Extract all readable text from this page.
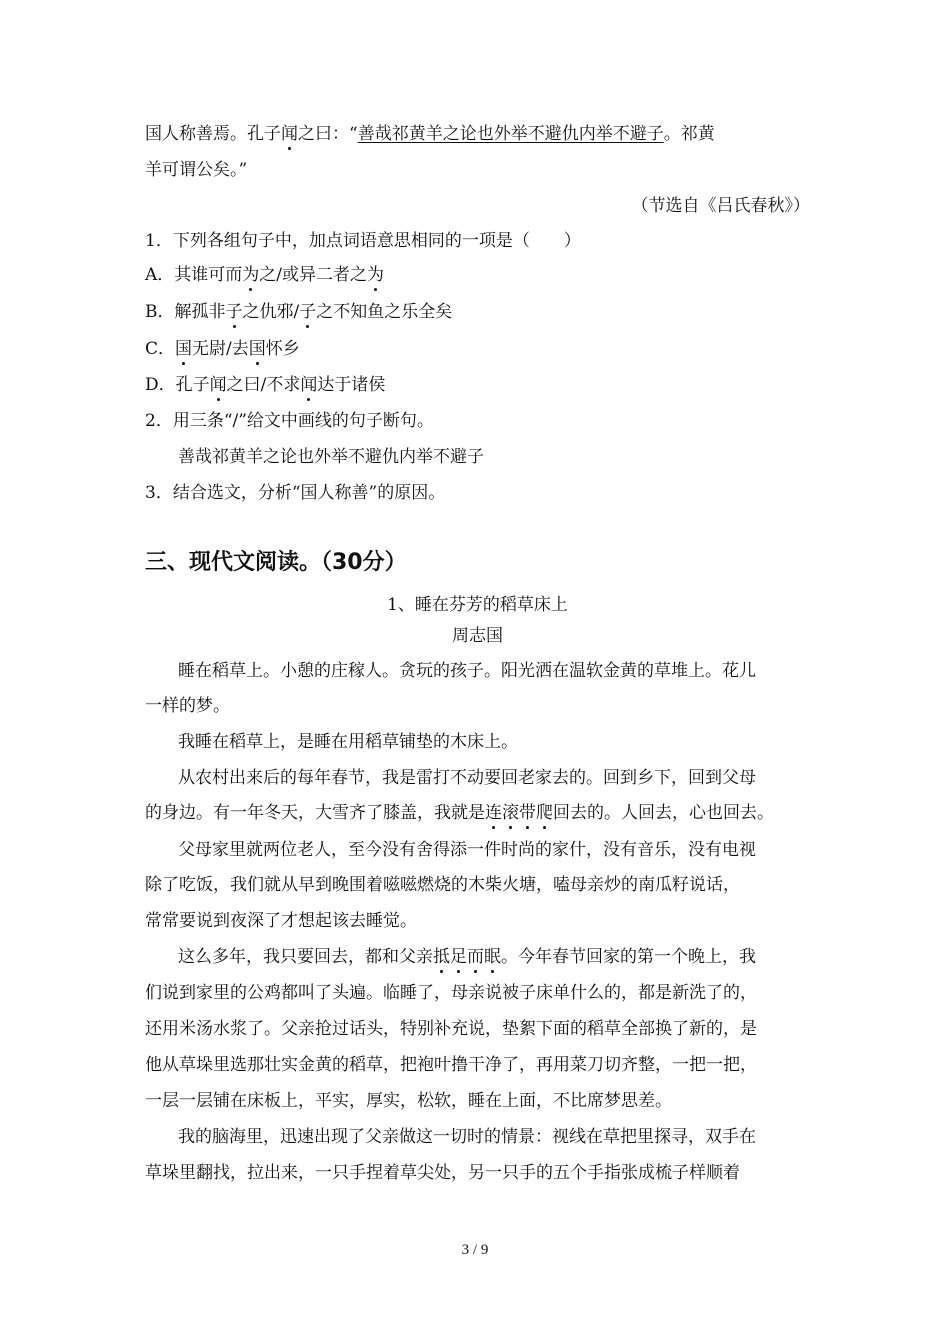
国人称善焉。孔子闻之曰：“善哉祁黄羊之论也外举不避仇内举不避子。祁黄
羊可谓公矣。”
（节选自《吕氏春秋》）
1．下列各组句子中，加点词语意思相同的一项是（　　）
A．其谁可而为之/或异二者之为
B．解孤非子之仇邪/子之不知鱼之乐全矣
C．国无尉/去国怀乡
D．孔子闻之曰/不求闻达于诸侯
2．用三条“/”给文中画线的句子断句。
善哉祁黄羊之论也外举不避仇内举不避子
3．结合选文，分析“国人称善”的原因。
三、现代文阅读。（30分）
1、睡在芬芳的稻草床上
周志国
睡在稻草上。小憩的庄稼人。贪玩的孩子。阳光洒在温软金黄的草堆上。花儿
一样的梦。
我睡在稻草上，是睡在用稻草铺垫的木床上。
从农村出来后的每年春节，我是雷打不动要回老家去的。回到乡下，回到父母
的身边。有一年冬天，大雪齐了膝盖，我就是连滚带爬回去的。人回去，心也回去。
父母家里就两位老人，至今没有舍得添一件时尚的家什，没有音乐，没有电视
除了吃饭，我们就从早到晚围着嗞嗞燃烧的木柴火塘，嗑母亲炒的南瓜籽说话，
常常要说到夜深了才想起该去睡觉。
这么多年，我只要回去，都和父亲抵足而眠。今年春节回家的第一个晚上，我
们说到家里的公鸡都叫了头遍。临睡了，母亲说被子床单什么的，都是新洗了的，
还用米汤水浆了。父亲抢过话头，特别补充说，垫絮下面的稻草全部换了新的，是
他从草垛里选那壮实金黄的稻草，把袍叶撸干净了，再用菜刀切齐整，一把一把，
一层一层铺在床板上，平实，厚实，松软，睡在上面，不比席梦思差。
我的脑海里，迅速出现了父亲做这一切时的情景：视线在草把里探寻，双手在
草垛里翻找，拉出来，一只手捏着草尖处，另一只手的五个手指张成梳子样顺着
3 / 9
